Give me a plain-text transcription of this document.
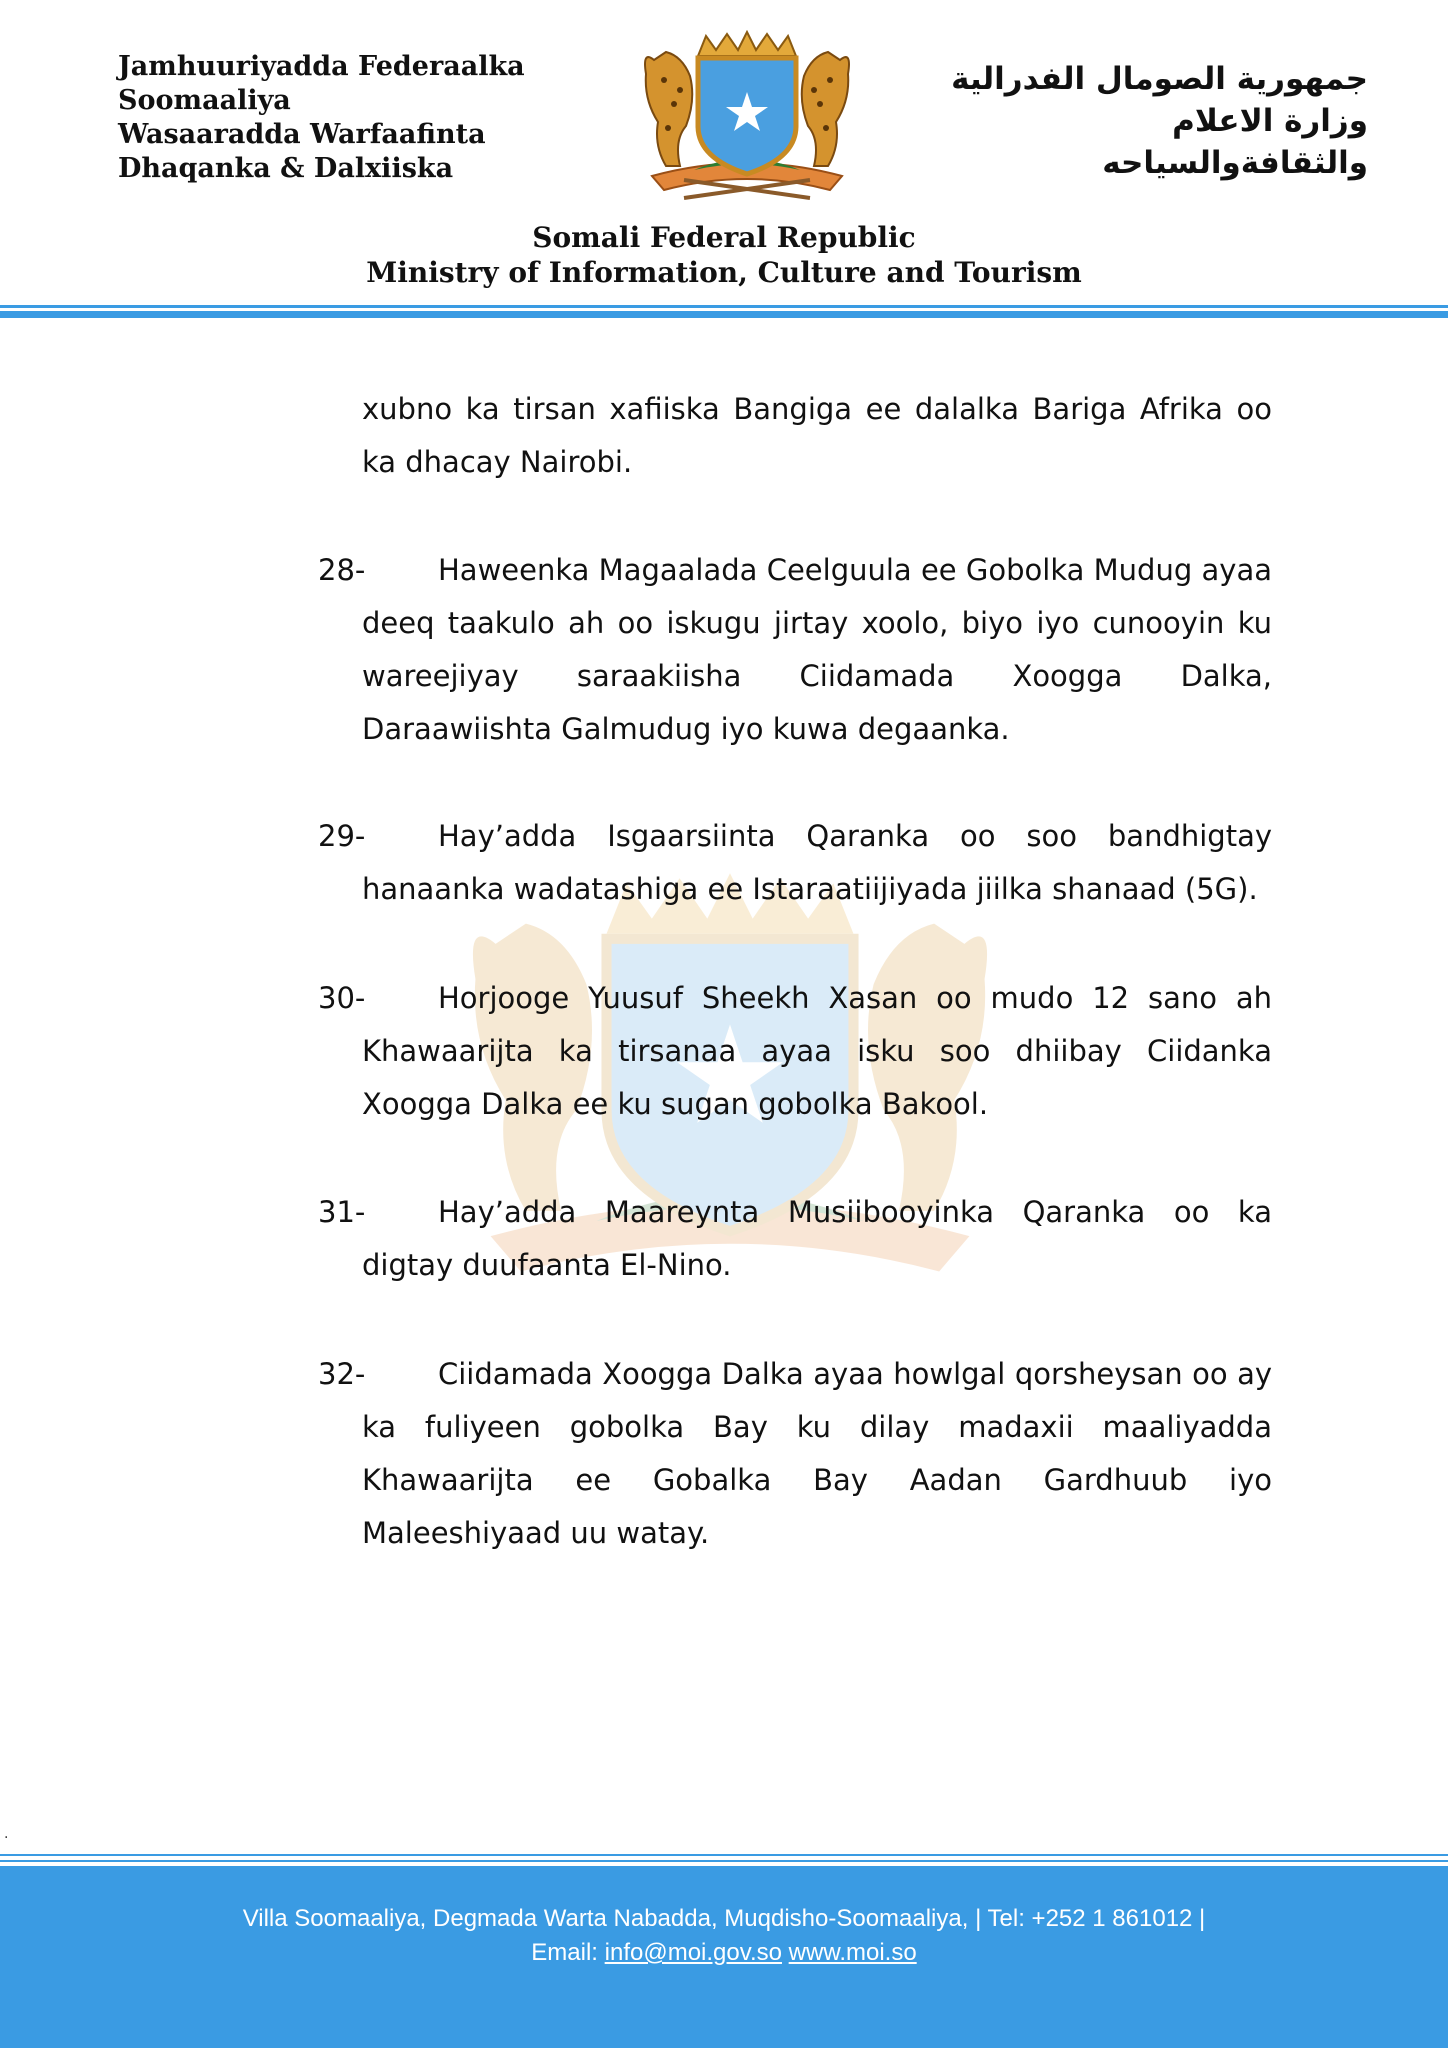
Jamhuuriyadda Federaalka
Soomaaliya
Wasaaradda Warfaafinta
Dhaqanka & Dalxiiska
جمهورية الصومال الفدرالية
وزارة الاعلام
والثقافةوالسياحه
Somali Federal Republic
Ministry of Information, Culture and Tourism
xubno ka tirsan xafiiska Bangiga ee dalalka Bariga Afrika oo ka dhacay Nairobi.
28-	Haweenka Magaalada Ceelguula ee Gobolka Mudug ayaa deeq taakulo ah oo iskugu jirtay xoolo, biyo iyo cunooyin ku wareejiyay saraakiisha Ciidamada Xoogga Dalka, Daraawiishta Galmudug iyo kuwa degaanka.
29-	Hay’adda Isgaarsiinta Qaranka oo soo bandhigtay hanaanka wadatashiga ee Istaraatiijiyada jiilka shanaad (5G).
30-	Horjooge Yuusuf Sheekh Xasan oo mudo 12 sano ah Khawaarijta ka tirsanaa ayaa isku soo dhiibay Ciidanka Xoogga Dalka ee ku sugan gobolka Bakool.
31-	Hay’adda Maareynta Musiibooyinka Qaranka oo ka digtay duufaanta El-Nino.
32-	Ciidamada Xoogga Dalka ayaa howlgal qorsheysan oo ay ka fuliyeen gobolka Bay ku dilay madaxii maaliyadda Khawaarijta ee Gobalka Bay Aadan Gardhuub iyo Maleeshiyaad uu watay.
.
Villa Soomaaliya, Degmada Warta Nabadda, Muqdisho-Soomaaliya, | Tel: +252 1 861012 |
Email: info@moi.gov.so www.moi.so
